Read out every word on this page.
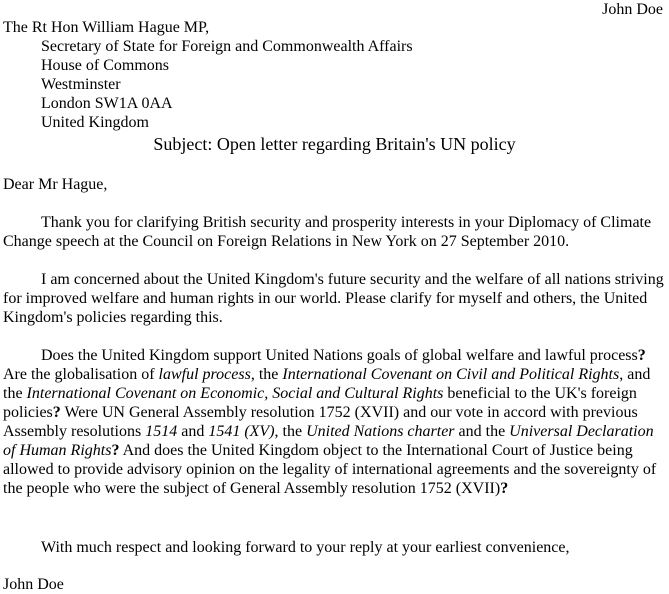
John Doe
The Rt Hon William Hague MP,
Secretary of State for Foreign and Commonwealth Affairs
House of Commons
Westminster
London SW1A 0AA
United Kingdom
Subject: Open letter regarding Britain's UN policy
Dear Mr Hague,

Thank you for clarifying British security and prosperity interests in your Diplomacy of Climate Change speech at the Council on Foreign Relations in New York on 27 September 2010.

I am concerned about the United Kingdom's future security and the welfare of all nations striving for improved welfare and human rights in our world. Please clarify for myself and others, the United Kingdom's policies regarding this.

Does the United Kingdom support United Nations goals of global welfare and lawful process? Are the globalisation of lawful process, the International Covenant on Civil and Political Rights, and the International Covenant on Economic, Social and Cultural Rights beneficial to the UK's foreign policies? Were UN General Assembly resolution 1752 (XVII) and our vote in accord with previous Assembly resolutions 1514 and 1541 (XV), the United Nations charter and the Universal Declaration of Human Rights? And does the United Kingdom object to the International Court of Justice being allowed to provide advisory opinion on the legality of international agreements and the sovereignty of the people who were the subject of General Assembly resolution 1752 (XVII)?

With much respect and looking forward to your reply at your earliest convenience,

John Doe
